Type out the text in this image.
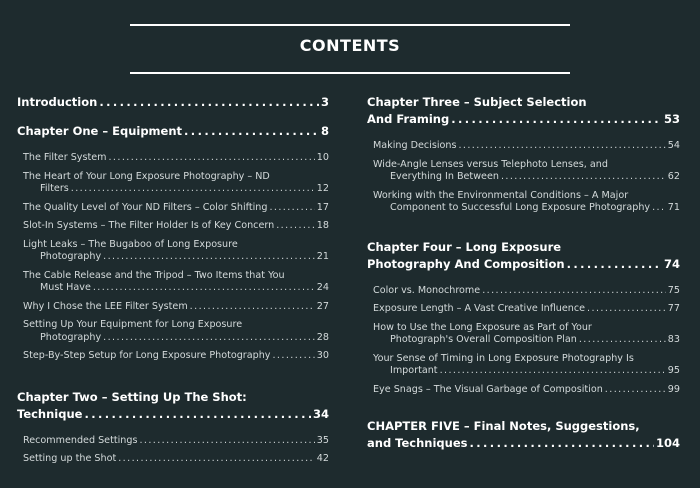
CONTENTS
Introduction .....	3
Chapter One – Equipment .....	8
The Filter System .....	10
The Heart of Your Long Exposure Photography – ND
Filters .....	12
The Quality Level of Your ND Filters – Color Shifting .....	17
Slot-In Systems – The Filter Holder Is of Key Concern .....	18
Light Leaks – The Bugaboo of Long Exposure
Photography .....	21
The Cable Release and the Tripod – Two Items that You
Must Have .....	24
Why I Chose the LEE Filter System .....	27
Setting Up Your Equipment for Long Exposure
Photography .....	28
Step-By-Step Setup for Long Exposure Photography .....	30
Chapter Two – Setting Up The Shot:
Technique .....	34
Recommended Settings .....	35
Setting up the Shot .....	42
Chapter Three – Subject Selection
And Framing .....	53
Making Decisions .....	54
Wide-Angle Lenses versus Telephoto Lenses, and
Everything In Between .....	62
Working with the Environmental Conditions – A Major
Component to Successful Long Exposure Photography ..... 71
Chapter Four – Long Exposure
Photography And Composition .....	74
Color vs. Monochrome .....	75
Exposure Length – A Vast Creative Influence .....	77
How to Use the Long Exposure as Part of Your
Photograph's Overall Composition Plan .....	83
Your Sense of Timing in Long Exposure Photography Is
Important .....	95
Eye Snags – The Visual Garbage of Composition .....	99
CHAPTER FIVE – Final Notes, Suggestions,
and Techniques .....	104
